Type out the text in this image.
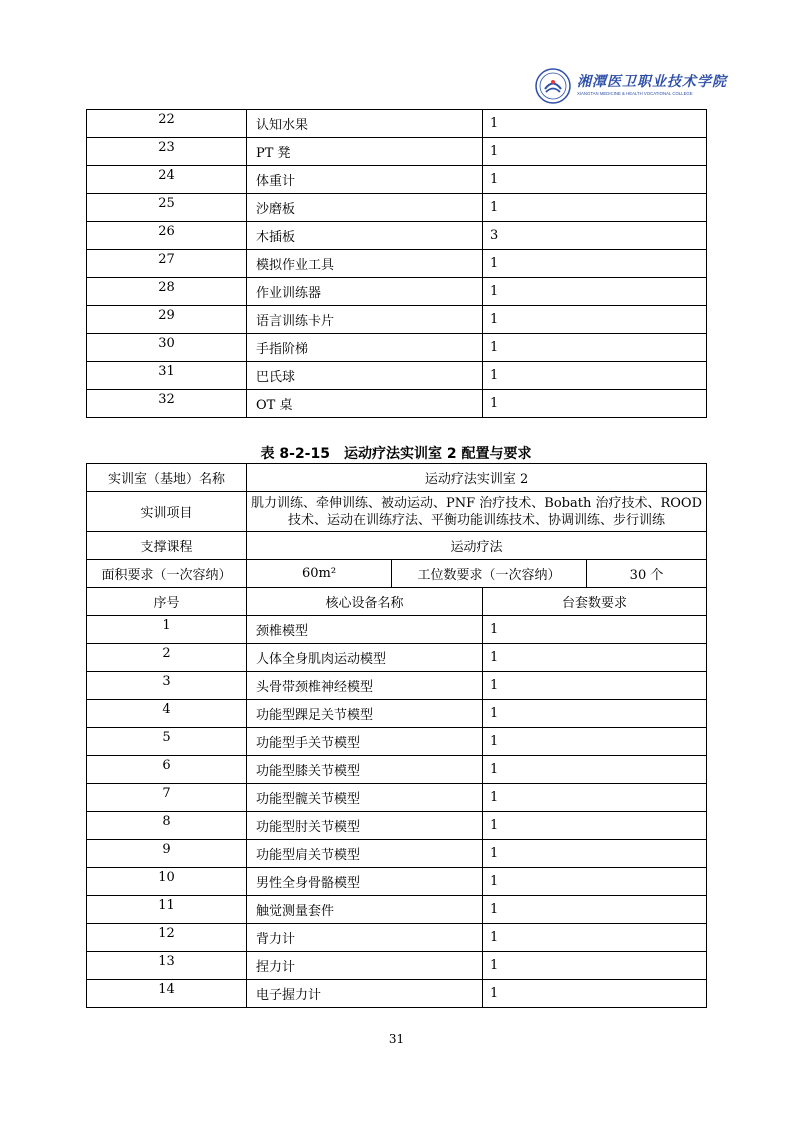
湘潭医卫职业技术学院
XIANGTAN MEDICINE & HEALTH VOCATIONAL COLLEGE
22	认知水果	1
23	PT 凳	1
24	体重计	1
25	沙磨板	1
26	木插板	3
27	模拟作业工具	1
28	作业训练器	1
29	语言训练卡片	1
30	手指阶梯	1
31	巴氏球	1
32	OT 桌	1
表 8-2-15　运动疗法实训室 2 配置与要求
实训室（基地）名称	运动疗法实训室 2			
实训项目	肌力训练、牵伸训练、被动运动、PNF 治疗技术、Bobath 治疗技术、ROOD 技术、运动在训练疗法、平衡功能训练技术、协调训练、步行训练			
支撑课程	运动疗法			
面积要求（一次容纳）	60m²	工位数要求（一次容纳）		30 个
序号	核心设备名称		台套数要求	
1	颈椎模型		1	
2	人体全身肌肉运动模型		1	
3	头骨带颈椎神经模型		1	
4	功能型踝足关节模型		1	
5	功能型手关节模型		1	
6	功能型膝关节模型		1	
7	功能型髋关节模型		1	
8	功能型肘关节模型		1	
9	功能型肩关节模型		1	
10	男性全身骨骼模型		1	
11	触觉测量套件		1	
12	背力计		1	
13	捏力计		1	
14	电子握力计		1	
31
